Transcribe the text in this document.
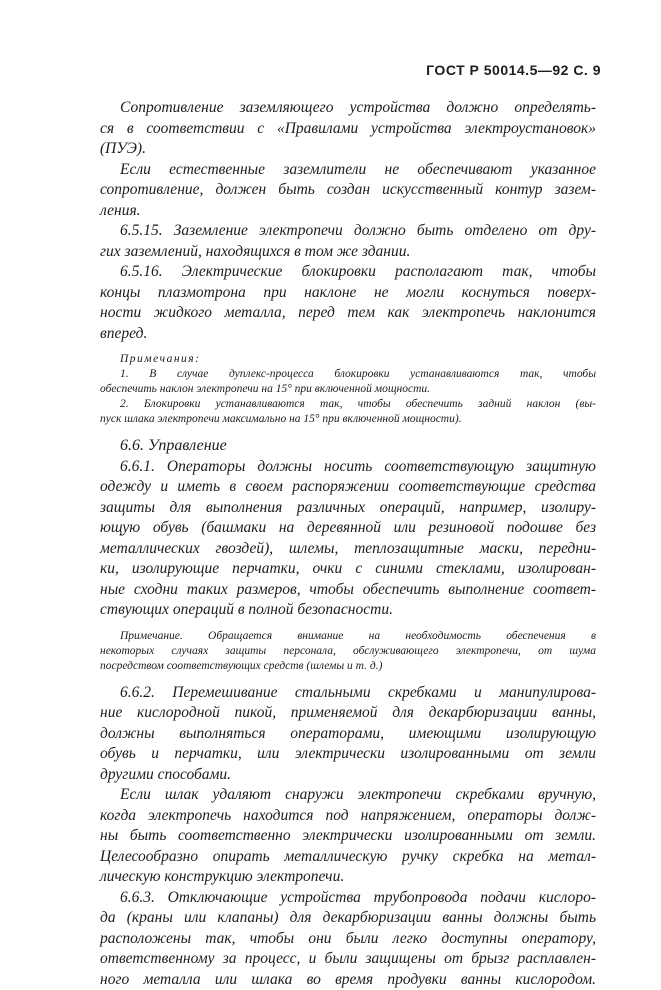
ГОСТ Р 50014.5—92 С. 9
Сопротивление заземляющего устройства должно определять-
ся в соответствии с «Правилами устройства электроустановок»
(ПУЭ).
Если естественные заземлители не обеспечивают указанное
сопротивление, должен быть создан искусственный контур зазем-
ления.
6.5.15. Заземление электропечи должно быть отделено от дру-
гих заземлений, находящихся в том же здании.
6.5.16. Электрические блокировки располагают так, чтобы
концы плазмотрона при наклоне не могли коснуться поверх-
ности жидкого металла, перед тем как электропечь наклонится
вперед.
Примечания:
1. В случае дуплекс-процесса блокировки устанавливаются так, чтобы
обеспечить наклон электропечи на 15° при включенной мощности.
2. Блокировки устанавливаются так, чтобы обеспечить задний наклон (вы-
пуск шлака электропечи максимально на 15° при включенной мощности).
6.6. Управление
6.6.1. Операторы должны носить соответствующую защитную
одежду и иметь в своем распоряжении соответствующие средства
защиты для выполнения различных операций, например, изолиру-
ющую обувь (башмаки на деревянной или резиновой подошве без
металлических гвоздей), шлемы, теплозащитные маски, передни-
ки, изолирующие перчатки, очки с синими стеклами, изолирован-
ные сходни таких размеров, чтобы обеспечить выполнение соответ-
ствующих операций в полной безопасности.
Примечание. Обращается внимание на необходимость обеспечения в
некоторых случаях защиты персонала, обслуживающего электропечи, от шума
посредством соответствующих средств (шлемы и т. д.)
6.6.2. Перемешивание стальными скребками и манипулирова-
ние кислородной пикой, применяемой для декарбюризации ванны,
должны выполняться операторами, имеющими изолирующую
обувь и перчатки, или электрически изолированными от земли
другими способами.
Если шлак удаляют снаружи электропечи скребками вручную,
когда электропечь находится под напряжением, операторы долж-
ны быть соответственно электрически изолированными от земли.
Целесообразно опирать металлическую ручку скребка на метал-
лическую конструкцию электропечи.
6.6.3. Отключающие устройства трубопровода подачи кислоро-
да (краны или клапаны) для декарбюризации ванны должны быть
расположены так, чтобы они были легко доступны оператору,
ответственному за процесс, и были защищены от брызг расплавлен-
ного металла или шлака во время продувки ванны кислородом.
